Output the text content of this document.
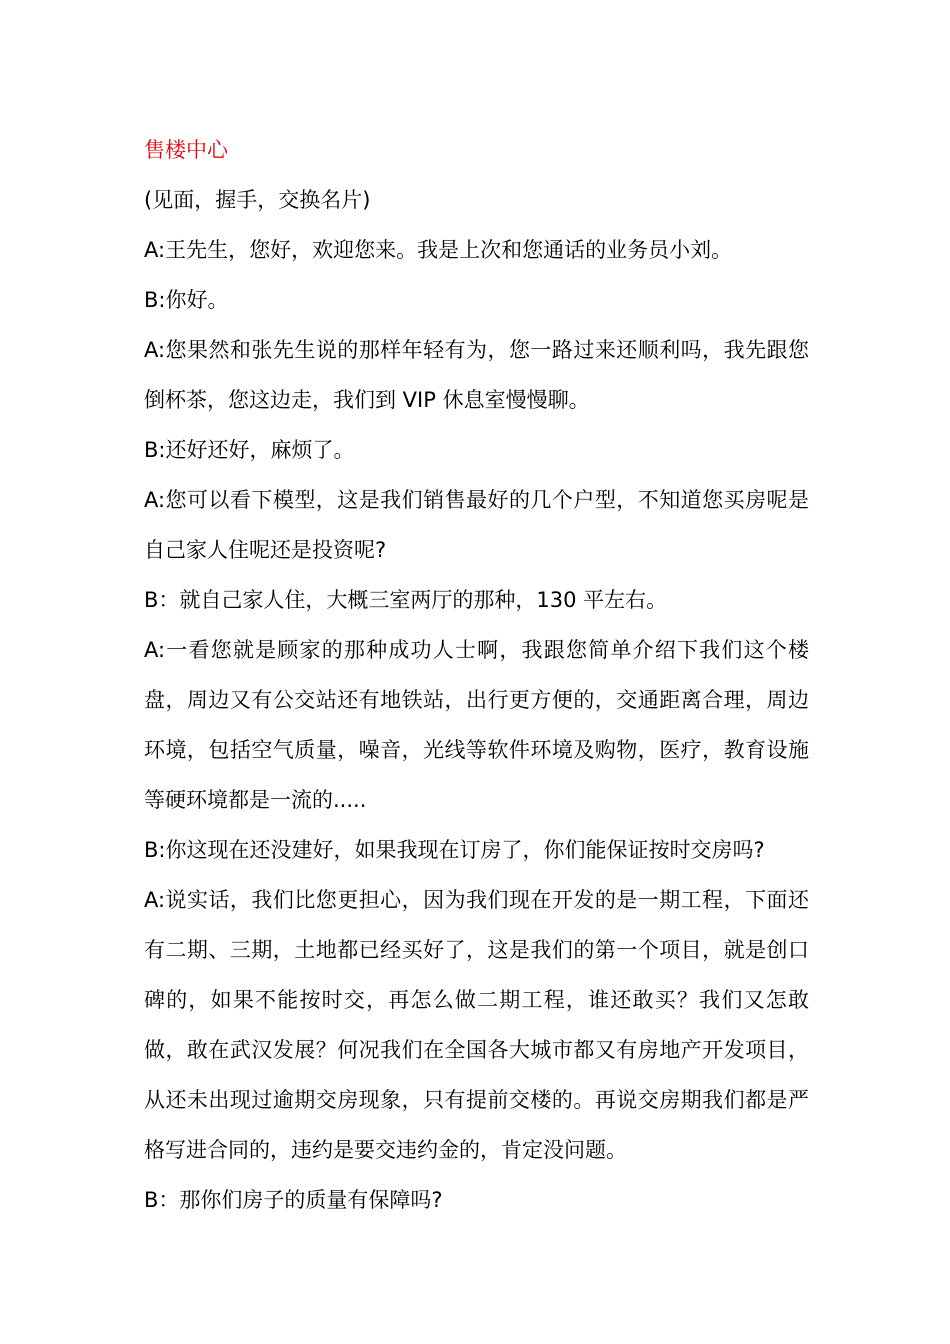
售楼中心

(见面，握手，交换名片)

A:王先生，您好，欢迎您来。我是上次和您通话的业务员小刘。

B:你好。

A:您果然和张先生说的那样年轻有为，您一路过来还顺利吗，我先跟您倒杯茶，您这边走，我们到 VIP 休息室慢慢聊。

B:还好还好，麻烦了。

A:您可以看下模型，这是我们销售最好的几个户型，不知道您买房呢是自己家人住呢还是投资呢?

B：就自己家人住，大概三室两厅的那种，130 平左右。

A:一看您就是顾家的那种成功人士啊，我跟您简单介绍下我们这个楼盘，周边又有公交站还有地铁站，出行更方便的，交通距离合理，周边环境，包括空气质量，噪音，光线等软件环境及购物，医疗，教育设施等硬环境都是一流的.....

B:你这现在还没建好，如果我现在订房了，你们能保证按时交房吗?

A:说实话，我们比您更担心，因为我们现在开发的是一期工程，下面还有二期、三期，土地都已经买好了，这是我们的第一个项目，就是创口碑的，如果不能按时交，再怎么做二期工程，谁还敢买？我们又怎敢做，敢在武汉发展？何况我们在全国各大城市都又有房地产开发项目，从还未出现过逾期交房现象，只有提前交楼的。再说交房期我们都是严格写进合同的，违约是要交违约金的，肯定没问题。

B：那你们房子的质量有保障吗?
